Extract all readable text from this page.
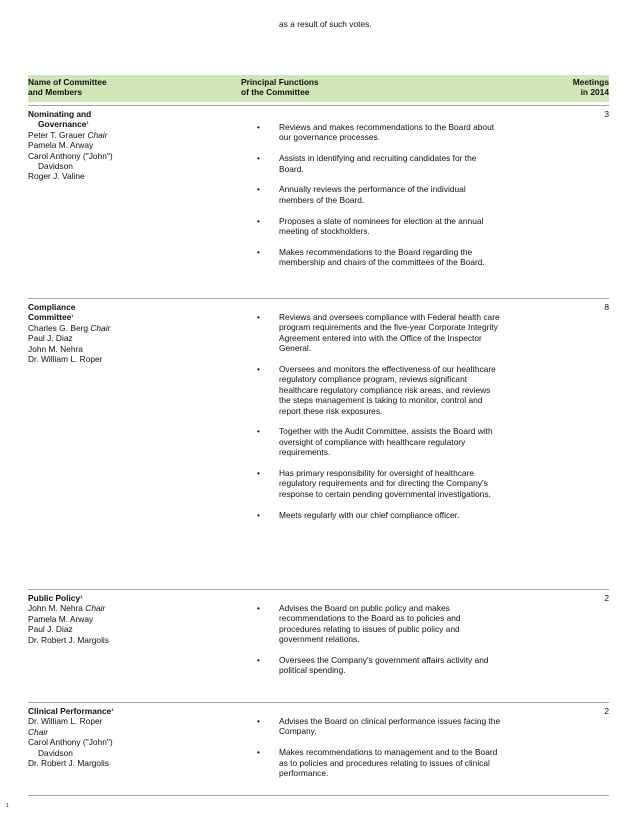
as a result of such votes.
Name of Committee
and Members
Principal Functions
of the Committee
Meetings
in 2014
Nominating and
Governance$^1$
Peter T. Grauer Chair
Pamela M. Arway
Carol Anthony ("John")
Davidson
Roger J. Valine
3
• Reviews and makes recommendations to the Board about our governance processes.
• Assists in identifying and recruiting candidates for the Board.
• Annually reviews the performance of the individual members of the Board.
• Proposes a slate of nominees for election at the annual meeting of stockholders.
• Makes recommendations to the Board regarding the membership and chairs of the committees of the Board.
Compliance
Committee$^1$
Charles G. Berg Chair
Paul J. Diaz
John M. Nehra
Dr. William L. Roper
8
• Reviews and oversees compliance with Federal health care program requirements and the five-year Corporate Integrity Agreement entered into with the Office of the Inspector General.
• Oversees and monitors the effectiveness of our healthcare regulatory compliance program, reviews significant healthcare regulatory compliance risk areas, and reviews the steps management is taking to monitor, control and report these risk exposures.
• Together with the Audit Committee, assists the Board with oversight of compliance with healthcare regulatory requirements.
• Has primary responsibility for oversight of healthcare regulatory requirements and for directing the Company's response to certain pending governmental investigations.
• Meets regularly with our chief compliance officer.
Public Policy$^1$
John M. Nehra Chair
Pamela M. Arway
Paul J. Diaz
Dr. Robert J. Margolis
2
• Advises the Board on public policy and makes recommendations to the Board as to policies and procedures relating to issues of public policy and government relations.
• Oversees the Company's government affairs activity and political spending.
Clinical Performance$^1$
Dr. William L. Roper
Chair
Carol Anthony ("John")
Davidson
Dr. Robert J. Margolis
2
• Advises the Board on clinical performance issues facing the Company.
• Makes recommendations to management and to the Board as to policies and procedures relating to issues of clinical performance.
1
